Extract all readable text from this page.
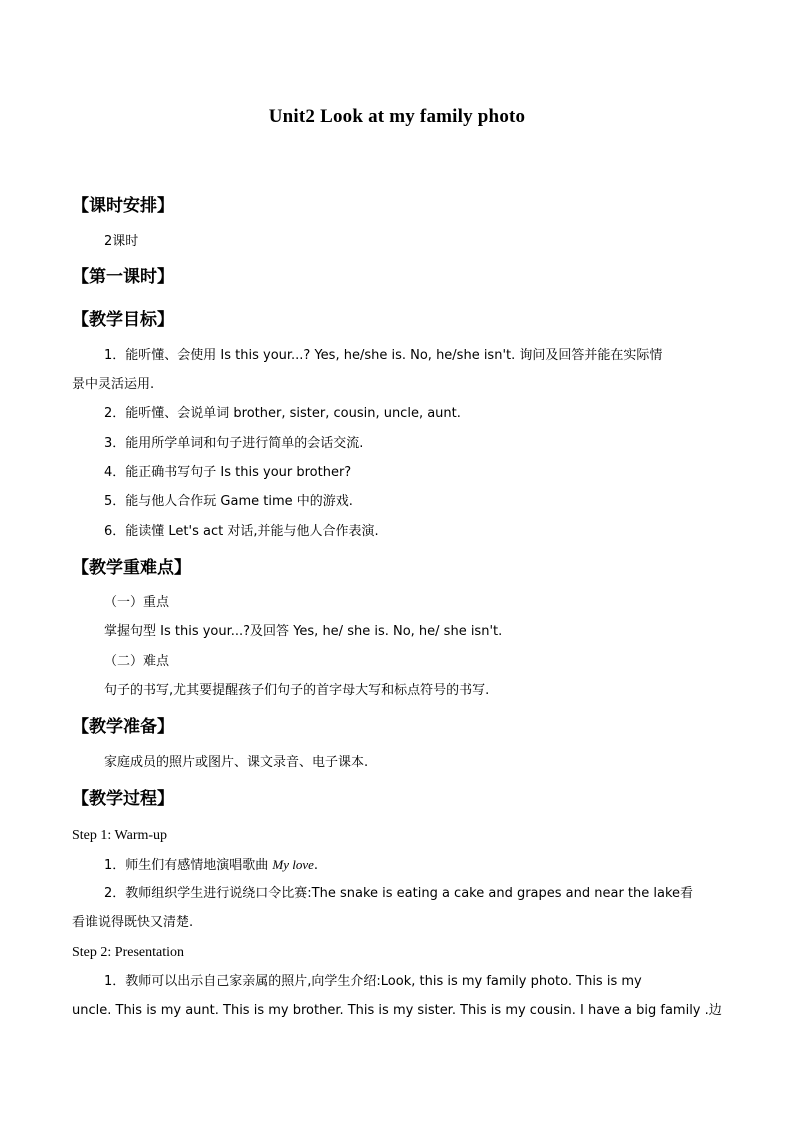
Unit2 Look at my family photo
【课时安排】
2课时
【第一课时】
【教学目标】
1．能听懂、会使用 Is this your...? Yes, he/she is. No, he/she isn't. 询问及回答并能在实际情
景中灵活运用.
2．能听懂、会说单词 brother, sister, cousin, uncle, aunt.
3．能用所学单词和句子进行简单的会话交流.
4．能正确书写句子 Is this your brother?
5．能与他人合作玩 Game time 中的游戏.
6．能读懂 Let's act 对话,并能与他人合作表演.
【教学重难点】
（一）重点
掌握句型 Is this your...?及回答 Yes, he/ she is. No, he/ she isn't.
（二）难点
句子的书写,尤其要提醒孩子们句子的首字母大写和标点符号的书写.
【教学准备】
家庭成员的照片或图片、课文录音、电子课本.
【教学过程】
Step 1: Warm-up
1．师生们有感情地演唱歌曲 My love.
2．教师组织学生进行说绕口令比赛:The snake is eating a cake and grapes and near the lake看
看谁说得既快又清楚.
Step 2: Presentation
1．教师可以出示自己家亲属的照片,向学生介绍:Look, this is my family photo. This is my
uncle. This is my aunt. This is my brother. This is my sister. This is my cousin. I have a big family .边
